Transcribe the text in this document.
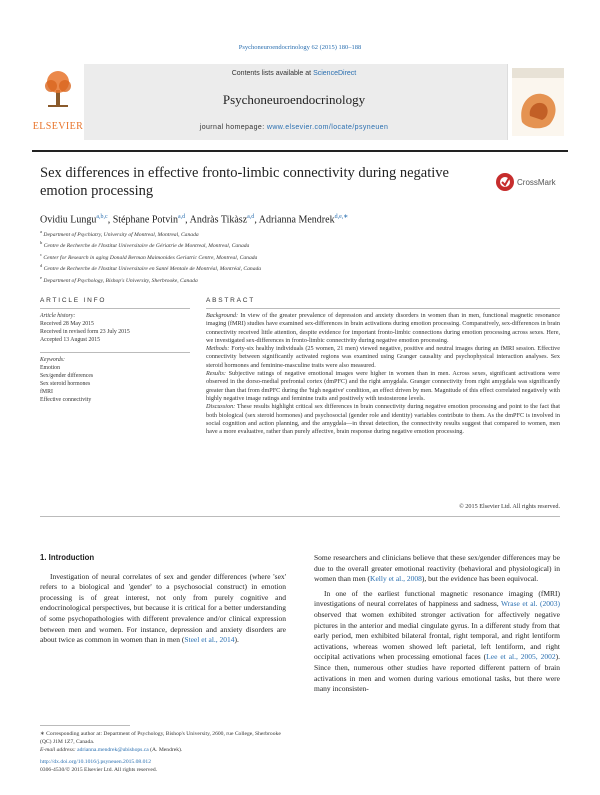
Psychoneuroendocrinology 62 (2015) 180–188
ELSEVIER
Contents lists available at ScienceDirect
Psychoneuroendocrinology
journal homepage: www.elsevier.com/locate/psyneuen
Sex differences in effective fronto-limbic connectivity during negative emotion processing
CrossMark
Ovidiu Lungu$^{a,b,c}$, Stéphane Potvin$^{a,d}$, Andràs Tikàsz$^{a,d}$, Adrianna Mendrek$^{d,e,∗}$
$^a$ Department of Psychiatry, University of Montreal, Montreal, Canada
$^b$ Centre de Recherche de l'Institut Universitaire de Gériatrie de Montreal, Montreal, Canada
$^c$ Center for Research in aging Donald Berman Maimonides Geriatric Centre, Montreal, Canada
$^d$ Centre de Recherche de l'Institut Universitaire en Santé Mentale de Montréal, Montréal, Canada
$^e$ Department of Psychology, Bishop's University, Sherbrooke, Canada
ARTICLE INFO	ABSTRACT
Article history:
Received 28 May 2015
Received in revised form 23 July 2015
Accepted 13 August 2015
Keywords:
Emotion
Sex/gender differences
Sex steroid hormones
fMRI
Effective connectivity
Background: In view of the greater prevalence of depression and anxiety disorders in women than in men, functional magnetic resonance imaging (fMRI) studies have examined sex-differences in brain activations during emotion processing. Comparatively, sex-differences in brain connectivity received little attention, despite evidence for important fronto-limbic connections during emotion processing across sexes. Here, we investigated sex-differences in fronto-limbic connectivity during negative emotion processing.
Methods: Forty-six healthy individuals (25 women, 21 men) viewed negative, positive and neutral images during an fMRI session. Effective connectivity between significantly activated regions was examined using Granger causality and psychophysical interaction analyses. Sex steroid hormones and feminine-masculine traits were also measured.
Results: Subjective ratings of negative emotional images were higher in women than in men. Across sexes, significant activations were observed in the dorso-medial prefrontal cortex (dmPFC) and the right amygdala. Granger connectivity from right amygdala was significantly greater than that from dmPFC during the 'high negative' condition, an effect driven by men. Magnitude of this effect correlated negatively with highly negative image ratings and feminine traits and positively with testosterone levels.
Discussion: These results highlight critical sex differences in brain connectivity during negative emotion processing and point to the fact that both biological (sex steroid hormones) and psychosocial (gender role and identity) variables contribute to them. As the dmPFC is involved in social cognition and action planning, and the amygdala—in threat detection, the connectivity results suggest that compared to women, men have a more evaluative, rather than purely affective, brain response during negative emotion processing.
© 2015 Elsevier Ltd. All rights reserved.
1. Introduction

Investigation of neural correlates of sex and gender differences (where 'sex' refers to a biological and 'gender' to a psychosocial construct) in emotion processing is of great interest, not only from purely cognitive and endocrinological perspectives, but because it is critical for a better understanding of some psychopathologies with different prevalence and/or clinical expression between men and women. For instance, depression and anxiety disorders are about twice as common in women than in men (Steel et al., 2014).

Some researchers and clinicians believe that these sex/gender differences may be due to the overall greater emotional reactivity (behavioral and physiological) in women than men (Kelly et al., 2008), but the evidence has been equivocal.

In one of the earliest functional magnetic resonance imaging (fMRI) investigations of neural correlates of happiness and sadness, Wrase et al. (2003) observed that women exhibited stronger activation for affectively negative pictures in the anterior and medial cingulate gyrus. In a different study from that early period, men exhibited bilateral frontal, right temporal, and right lentiform activations, whereas women showed left parietal, left lentiform, and right occipital activations when processing emotional faces (Lee et al., 2005, 2002). Since then, numerous other studies have reported different pattern of brain activations in men and women during various emotional tasks, but there were many inconsisten-

∗ Corresponding author at: Department of Psychology, Bishop's University, 2600, rue College, Sherbrooke (QC) J1M 1Z7, Canada.
E-mail address: adrianna.mendrek@ubishops.ca (A. Mendrek).
http://dx.doi.org/10.1016/j.psyneuen.2015.08.012
0306-4530/© 2015 Elsevier Ltd. All rights reserved.
